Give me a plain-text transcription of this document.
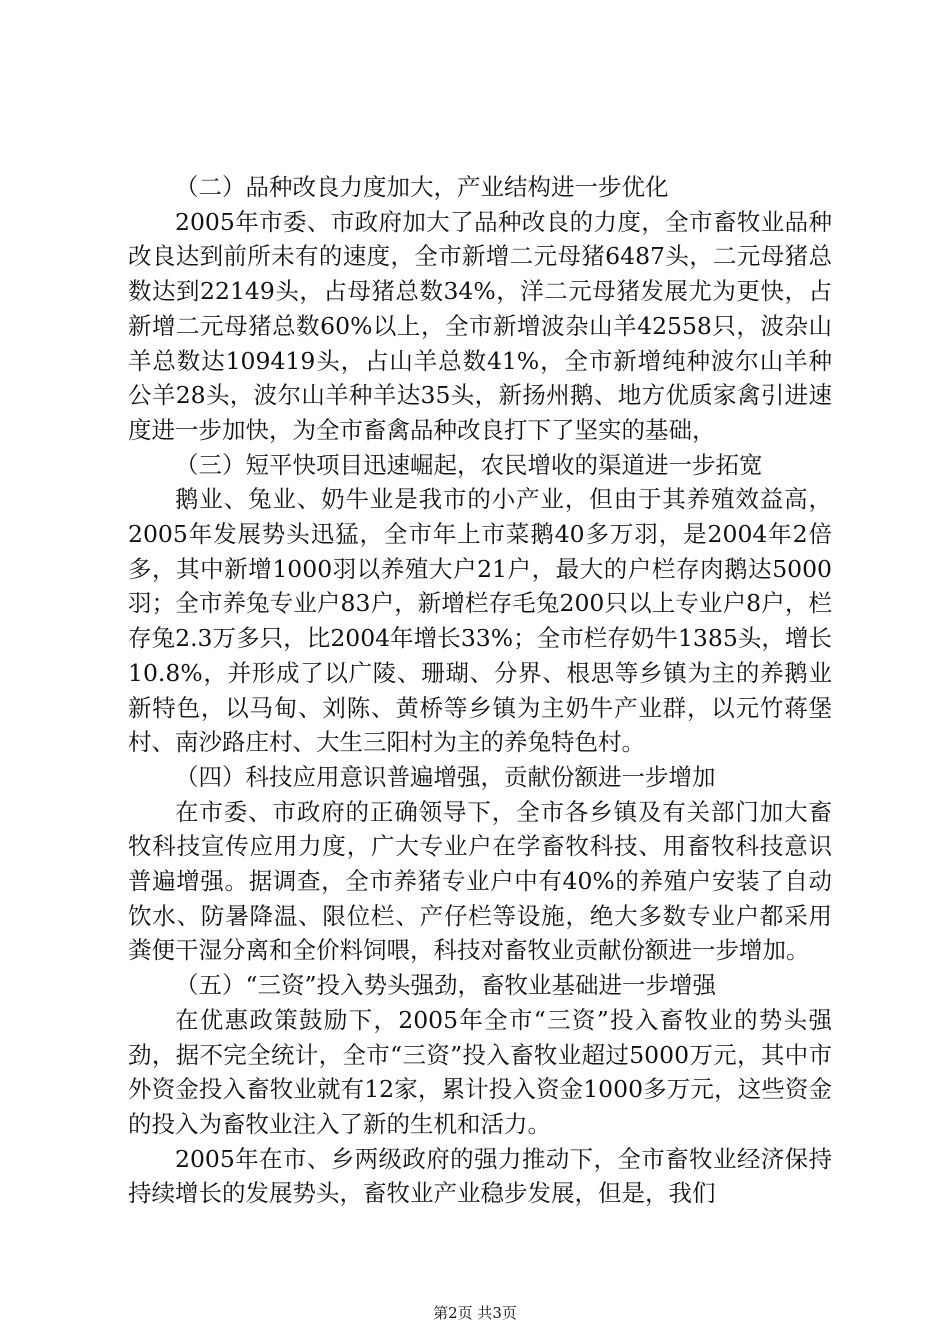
（二）品种改良力度加大，产业结构进一步优化

2005年市委、市政府加大了品种改良的力度，全市畜牧业品种改良达到前所未有的速度，全市新增二元母猪6487头，二元母猪总数达到22149头，占母猪总数34%，洋二元母猪发展尤为更快，占新增二元母猪总数60%以上，全市新增波杂山羊42558只，波杂山羊总数达109419头，占山羊总数41%，全市新增纯种波尔山羊种公羊28头，波尔山羊种羊达35头，新扬州鹅、地方优质家禽引进速度进一步加快，为全市畜禽品种改良打下了坚实的基础，

（三）短平快项目迅速崛起，农民增收的渠道进一步拓宽

鹅业、兔业、奶牛业是我市的小产业，但由于其养殖效益高，2005年发展势头迅猛，全市年上市菜鹅40多万羽，是2004年2倍多，其中新增1000羽以养殖大户21户，最大的户栏存肉鹅达5000羽；全市养兔专业户83户，新增栏存毛兔200只以上专业户8户，栏存兔2.3万多只，比2004年增长33%；全市栏存奶牛1385头，增长10.8%，并形成了以广陵、珊瑚、分界、根思等乡镇为主的养鹅业新特色，以马甸、刘陈、黄桥等乡镇为主奶牛产业群，以元竹蒋堡村、南沙路庄村、大生三阳村为主的养兔特色村。

（四）科技应用意识普遍增强，贡献份额进一步增加

在市委、市政府的正确领导下，全市各乡镇及有关部门加大畜牧科技宣传应用力度，广大专业户在学畜牧科技、用畜牧科技意识普遍增强。据调查，全市养猪专业户中有40%的养殖户安装了自动饮水、防暑降温、限位栏、产仔栏等设施，绝大多数专业户都采用粪便干湿分离和全价料饲喂，科技对畜牧业贡献份额进一步增加。

（五）“三资”投入势头强劲，畜牧业基础进一步增强

在优惠政策鼓励下，2005年全市“三资”投入畜牧业的势头强劲，据不完全统计，全市“三资”投入畜牧业超过5000万元，其中市外资金投入畜牧业就有12家，累计投入资金1000多万元，这些资金的投入为畜牧业注入了新的生机和活力。

2005年在市、乡两级政府的强力推动下，全市畜牧业经济保持持续增长的发展势头，畜牧业产业稳步发展，但是，我们

第2页 共3页
